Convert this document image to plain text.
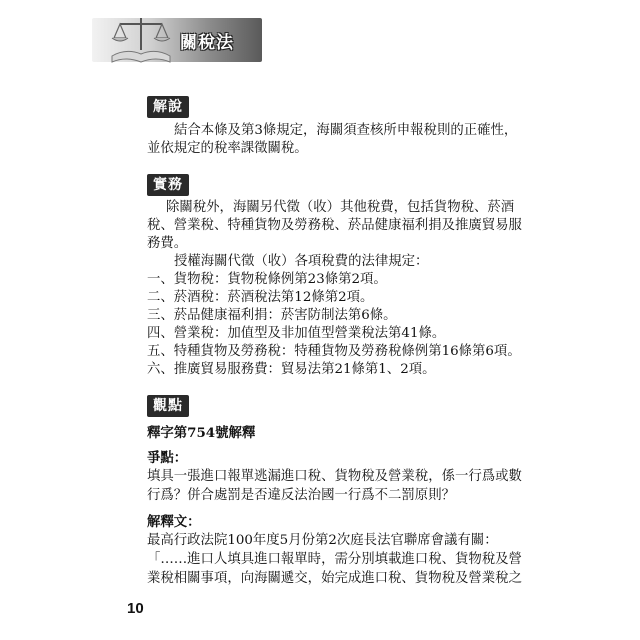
關稅法
解說
結合本條及第3條規定，海關須查核所申報稅則的正確性，
並依規定的稅率課徵關稅。
實務
除關稅外，海關另代徵（收）其他稅費，包括貨物稅、菸酒
稅、營業稅、特種貨物及勞務稅、菸品健康福利捐及推廣貿易服
務費。
授權海關代徵（收）各項稅費的法律規定：
一、貨物稅：貨物稅條例第23條第2項。
二、菸酒稅：菸酒稅法第12條第2項。
三、菸品健康福利捐：菸害防制法第6條。
四、營業稅：加值型及非加值型營業稅法第41條。
五、特種貨物及勞務稅：特種貨物及勞務稅條例第16條第6項。
六、推廣貿易服務費：貿易法第21條第1、2項。
觀點
釋字第754號解釋
爭點：
填具一張進口報單逃漏進口稅、貨物稅及營業稅，係一行爲或數
行爲？併合處罰是否違反法治國一行爲不二罰原則？
解釋文：
最高行政法院100年度5月份第2次庭長法官聯席會議有關：
「……進口人填具進口報單時，需分別填載進口稅、貨物稅及營
業稅相關事項，向海關遞交，始完成進口稅、貨物稅及營業稅之
10
